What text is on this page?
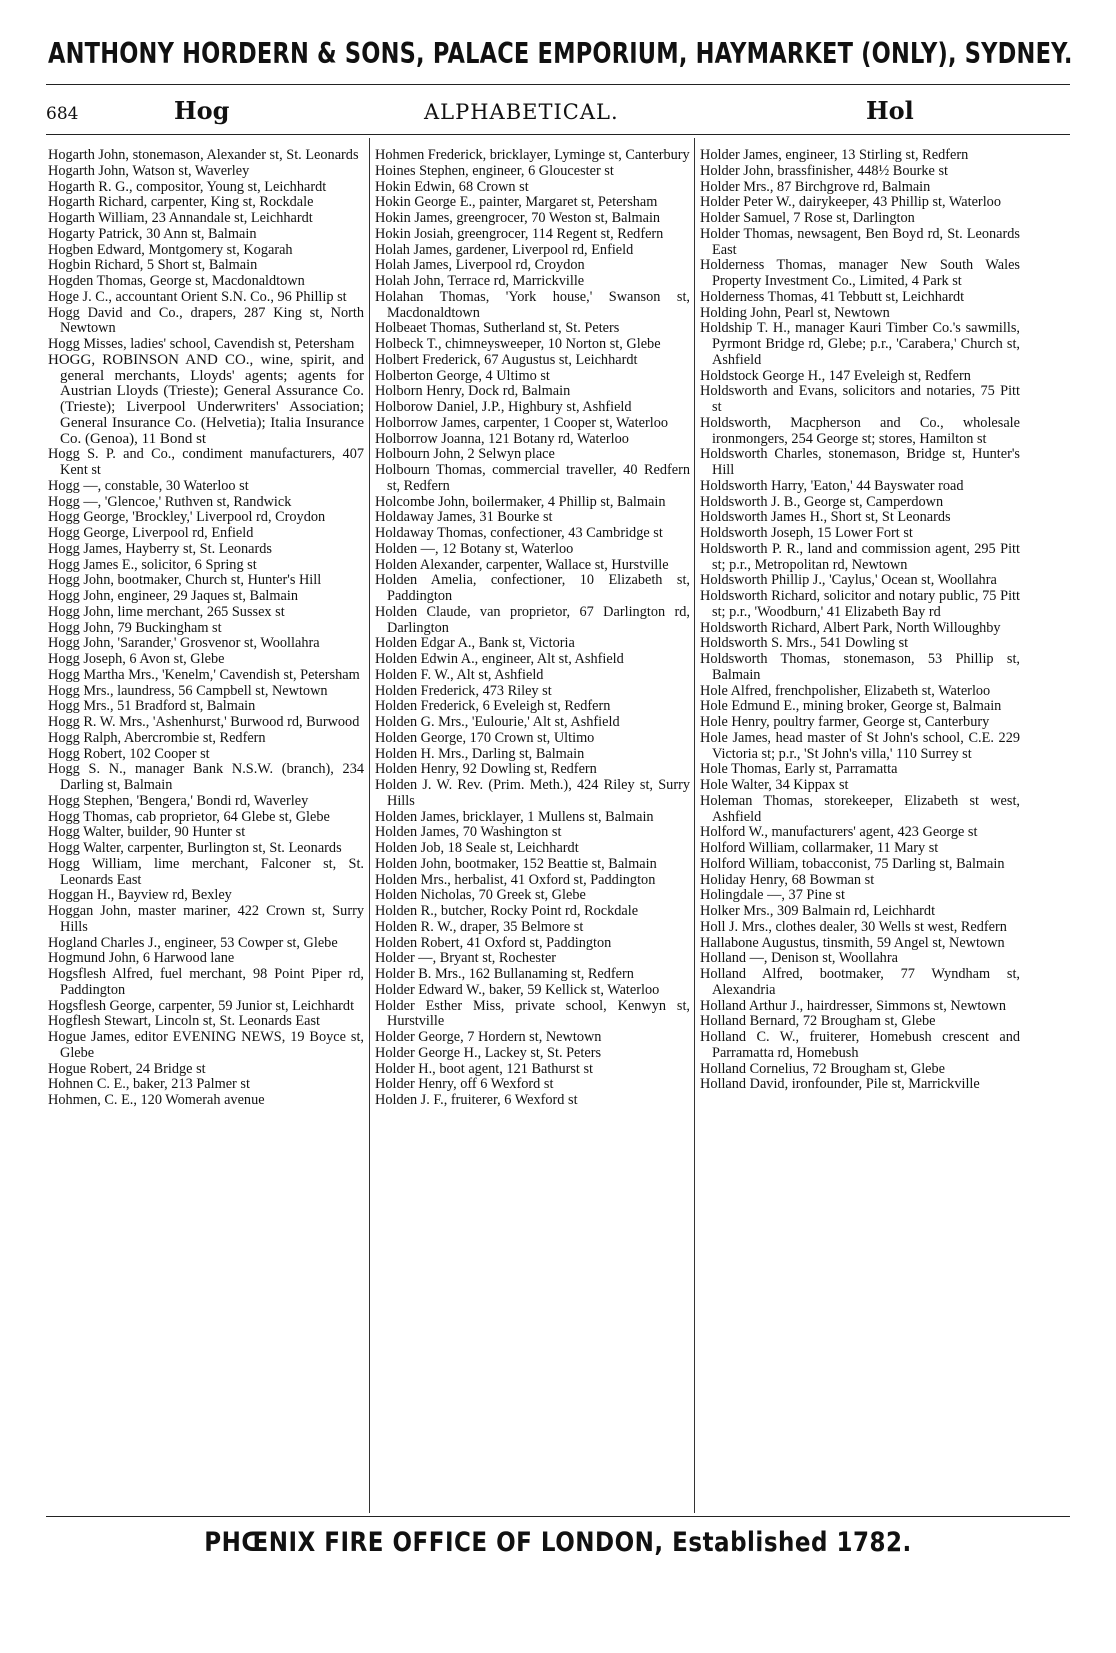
ANTHONY HORDERN & SONS, PALACE EMPORIUM, HAYMARKET (ONLY), SYDNEY.
684	Hog	ALPHABETICAL.	Hol
Hogarth John, stonemason, Alexander st, St. Leonards
Hogarth John, Watson st, Waverley
Hogarth R. G., compositor, Young st, Leichhardt
Hogarth Richard, carpenter, King st, Rockdale
Hogarth William, 23 Annandale st, Leichhardt
Hogarty Patrick, 30 Ann st, Balmain
Hogben Edward, Montgomery st, Kogarah
Hogbin Richard, 5 Short st, Balmain
Hogden Thomas, George st, Macdonaldtown
Hoge J. C., accountant Orient S.N. Co., 96 Phillip st
Hogg David and Co., drapers, 287 King st, North Newtown
Hogg Misses, ladies' school, Cavendish st, Petersham
HOGG, ROBINSON AND CO., wine, spirit, and general merchants, Lloyds' agents; agents for Austrian Lloyds (Trieste); General Assurance Co. (Trieste); Liverpool Underwriters' Association; General Insurance Co. (Helvetia); Italia Insurance Co. (Genoa), 11 Bond st
Hogg S. P. and Co., condiment manufacturers, 407 Kent st
Hogg —, constable, 30 Waterloo st
Hogg —, 'Glencoe,' Ruthven st, Randwick
Hogg George, 'Brockley,' Liverpool rd, Croydon
Hogg George, Liverpool rd, Enfield
Hogg James, Hayberry st, St. Leonards
Hogg James E., solicitor, 6 Spring st
Hogg John, bootmaker, Church st, Hunter's Hill
Hogg John, engineer, 29 Jaques st, Balmain
Hogg John, lime merchant, 265 Sussex st
Hogg John, 79 Buckingham st
Hogg John, 'Sarander,' Grosvenor st, Woollahra
Hogg Joseph, 6 Avon st, Glebe
Hogg Martha Mrs., 'Kenelm,' Cavendish st, Petersham
Hogg Mrs., laundress, 56 Campbell st, Newtown
Hogg Mrs., 51 Bradford st, Balmain
Hogg R. W. Mrs., 'Ashenhurst,' Burwood rd, Burwood
Hogg Ralph, Abercrombie st, Redfern
Hogg Robert, 102 Cooper st
Hogg S. N., manager Bank N.S.W. (branch), 234 Darling st, Balmain
Hogg Stephen, 'Bengera,' Bondi rd, Waverley
Hogg Thomas, cab proprietor, 64 Glebe st, Glebe
Hogg Walter, builder, 90 Hunter st
Hogg Walter, carpenter, Burlington st, St. Leonards
Hogg William, lime merchant, Falconer st, St. Leonards East
Hoggan H., Bayview rd, Bexley
Hoggan John, master mariner, 422 Crown st, Surry Hills
Hogland Charles J., engineer, 53 Cowper st, Glebe
Hogmund John, 6 Harwood lane
Hogsflesh Alfred, fuel merchant, 98 Point Piper rd, Paddington
Hogsflesh George, carpenter, 59 Junior st, Leichhardt
Hogflesh Stewart, Lincoln st, St. Leonards East
Hogue James, editor EVENING NEWS, 19 Boyce st, Glebe
Hogue Robert, 24 Bridge st
Hohnen C. E., baker, 213 Palmer st
Hohmen, C. E., 120 Womerah avenue
Hohmen Frederick, bricklayer, Lyminge st, Canterbury
Hoines Stephen, engineer, 6 Gloucester st
Hokin Edwin, 68 Crown st
Hokin George E., painter, Margaret st, Petersham
Hokin James, greengrocer, 70 Weston st, Balmain
Hokin Josiah, greengrocer, 114 Regent st, Redfern
Holah James, gardener, Liverpool rd, Enfield
Holah James, Liverpool rd, Croydon
Holah John, Terrace rd, Marrickville
Holahan Thomas, 'York house,' Swanson st, Macdonaldtown
Holbeaet Thomas, Sutherland st, St. Peters
Holbeck T., chimneysweeper, 10 Norton st, Glebe
Holbert Frederick, 67 Augustus st, Leichhardt
Holberton George, 4 Ultimo st
Holborn Henry, Dock rd, Balmain
Holborow Daniel, J.P., Highbury st, Ashfield
Holborrow James, carpenter, 1 Cooper st, Waterloo
Holborrow Joanna, 121 Botany rd, Waterloo
Holbourn John, 2 Selwyn place
Holbourn Thomas, commercial traveller, 40 Redfern st, Redfern
Holcombe John, boilermaker, 4 Phillip st, Balmain
Holdaway James, 31 Bourke st
Holdaway Thomas, confectioner, 43 Cambridge st
Holden —, 12 Botany st, Waterloo
Holden Alexander, carpenter, Wallace st, Hurstville
Holden Amelia, confectioner, 10 Elizabeth st, Paddington
Holden Claude, van proprietor, 67 Darlington rd, Darlington
Holden Edgar A., Bank st, Victoria
Holden Edwin A., engineer, Alt st, Ashfield
Holden F. W., Alt st, Ashfield
Holden Frederick, 473 Riley st
Holden Frederick, 6 Eveleigh st, Redfern
Holden G. Mrs., 'Eulourie,' Alt st, Ashfield
Holden George, 170 Crown st, Ultimo
Holden H. Mrs., Darling st, Balmain
Holden Henry, 92 Dowling st, Redfern
Holden J. W. Rev. (Prim. Meth.), 424 Riley st, Surry Hills
Holden James, bricklayer, 1 Mullens st, Balmain
Holden James, 70 Washington st
Holden Job, 18 Seale st, Leichhardt
Holden John, bootmaker, 152 Beattie st, Balmain
Holden Mrs., herbalist, 41 Oxford st, Paddington
Holden Nicholas, 70 Greek st, Glebe
Holden R., butcher, Rocky Point rd, Rockdale
Holden R. W., draper, 35 Belmore st
Holden Robert, 41 Oxford st, Paddington
Holder —, Bryant st, Rochester
Holder B. Mrs., 162 Bullanaming st, Redfern
Holder Edward W., baker, 59 Kellick st, Waterloo
Holder Esther Miss, private school, Kenwyn st, Hurstville
Holder George, 7 Hordern st, Newtown
Holder George H., Lackey st, St. Peters
Holder H., boot agent, 121 Bathurst st
Holder Henry, off 6 Wexford st
Holden J. F., fruiterer, 6 Wexford st
Holder James, engineer, 13 Stirling st, Redfern
Holder John, brassfinisher, 448½ Bourke st
Holder Mrs., 87 Birchgrove rd, Balmain
Holder Peter W., dairykeeper, 43 Phillip st, Waterloo
Holder Samuel, 7 Rose st, Darlington
Holder Thomas, newsagent, Ben Boyd rd, St. Leonards East
Holderness Thomas, manager New South Wales Property Investment Co., Limited, 4 Park st
Holderness Thomas, 41 Tebbutt st, Leichhardt
Holding John, Pearl st, Newtown
Holdship T. H., manager Kauri Timber Co.'s sawmills, Pyrmont Bridge rd, Glebe; p.r., 'Carabera,' Church st, Ashfield
Holdstock George H., 147 Eveleigh st, Redfern
Holdsworth and Evans, solicitors and notaries, 75 Pitt st
Holdsworth, Macpherson and Co., wholesale ironmongers, 254 George st; stores, Hamilton st
Holdsworth Charles, stonemason, Bridge st, Hunter's Hill
Holdsworth Harry, 'Eaton,' 44 Bayswater road
Holdsworth J. B., George st, Camperdown
Holdsworth James H., Short st, St Leonards
Holdsworth Joseph, 15 Lower Fort st
Holdsworth P. R., land and commission agent, 295 Pitt st; p.r., Metropolitan rd, Newtown
Holdsworth Phillip J., 'Caylus,' Ocean st, Woollahra
Holdsworth Richard, solicitor and notary public, 75 Pitt st; p.r., 'Woodburn,' 41 Elizabeth Bay rd
Holdsworth Richard, Albert Park, North Willoughby
Holdsworth S. Mrs., 541 Dowling st
Holdsworth Thomas, stonemason, 53 Phillip st, Balmain
Hole Alfred, frenchpolisher, Elizabeth st, Waterloo
Hole Edmund E., mining broker, George st, Balmain
Hole Henry, poultry farmer, George st, Canterbury
Hole James, head master of St John's school, C.E. 229 Victoria st; p.r., 'St John's villa,' 110 Surrey st
Hole Thomas, Early st, Parramatta
Hole Walter, 34 Kippax st
Holeman Thomas, storekeeper, Elizabeth st west, Ashfield
Holford W., manufacturers' agent, 423 George st
Holford William, collarmaker, 11 Mary st
Holford William, tobacconist, 75 Darling st, Balmain
Holiday Henry, 68 Bowman st
Holingdale —, 37 Pine st
Holker Mrs., 309 Balmain rd, Leichhardt
Holl J. Mrs., clothes dealer, 30 Wells st west, Redfern
Hallabone Augustus, tinsmith, 59 Angel st, Newtown
Holland —, Denison st, Woollahra
Holland Alfred, bootmaker, 77 Wyndham st, Alexandria
Holland Arthur J., hairdresser, Simmons st, Newtown
Holland Bernard, 72 Brougham st, Glebe
Holland C. W., fruiterer, Homebush crescent and Parramatta rd, Homebush
Holland Cornelius, 72 Brougham st, Glebe
Holland David, ironfounder, Pile st, Marrickville
PHŒNIX FIRE OFFICE OF LONDON, Established 1782.
